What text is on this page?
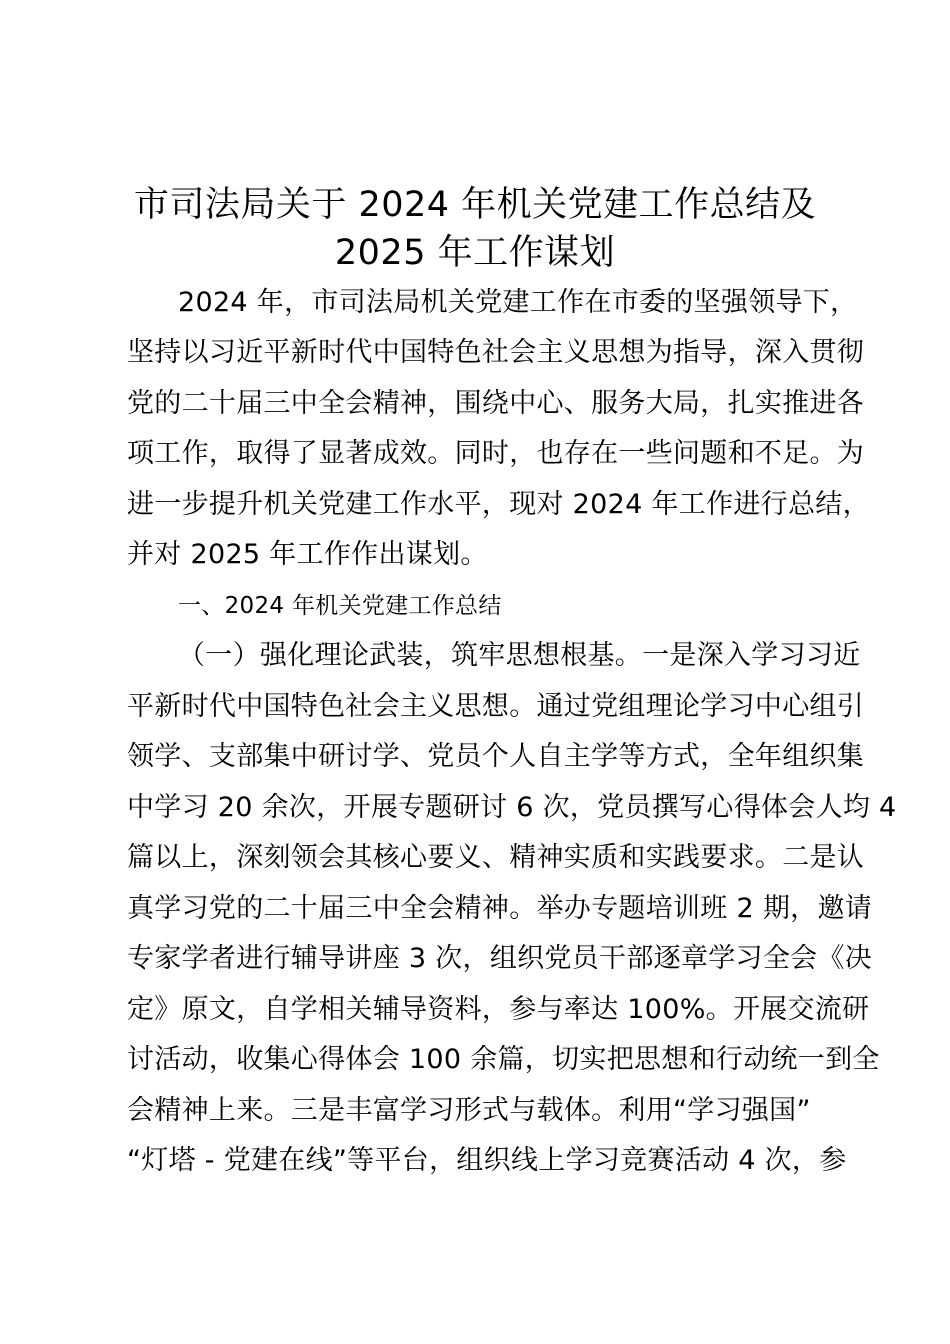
市司法局关于 2024 年机关党建工作总结及
2025 年工作谋划
2024 年，市司法局机关党建工作在市委的坚强领导下，
坚持以习近平新时代中国特色社会主义思想为指导，深入贯彻
党的二十届三中全会精神，围绕中心、服务大局，扎实推进各
项工作，取得了显著成效。同时，也存在一些问题和不足。为
进一步提升机关党建工作水平，现对 2024 年工作进行总结，
并对 2025 年工作作出谋划。
一、2024 年机关党建工作总结
（一）强化理论武装，筑牢思想根基。一是深入学习习近
平新时代中国特色社会主义思想。通过党组理论学习中心组引
领学、支部集中研讨学、党员个人自主学等方式，全年组织集
中学习 20 余次，开展专题研讨 6 次，党员撰写心得体会人均 4
篇以上，深刻领会其核心要义、精神实质和实践要求。二是认
真学习党的二十届三中全会精神。举办专题培训班 2 期，邀请
专家学者进行辅导讲座 3 次，组织党员干部逐章学习全会《决
定》原文，自学相关辅导资料，参与率达 100%。开展交流研
讨活动，收集心得体会 100 余篇，切实把思想和行动统一到全
会精神上来。三是丰富学习形式与载体。利用“学习强国”
“灯塔 - 党建在线”等平台，组织线上学习竞赛活动 4 次，参
